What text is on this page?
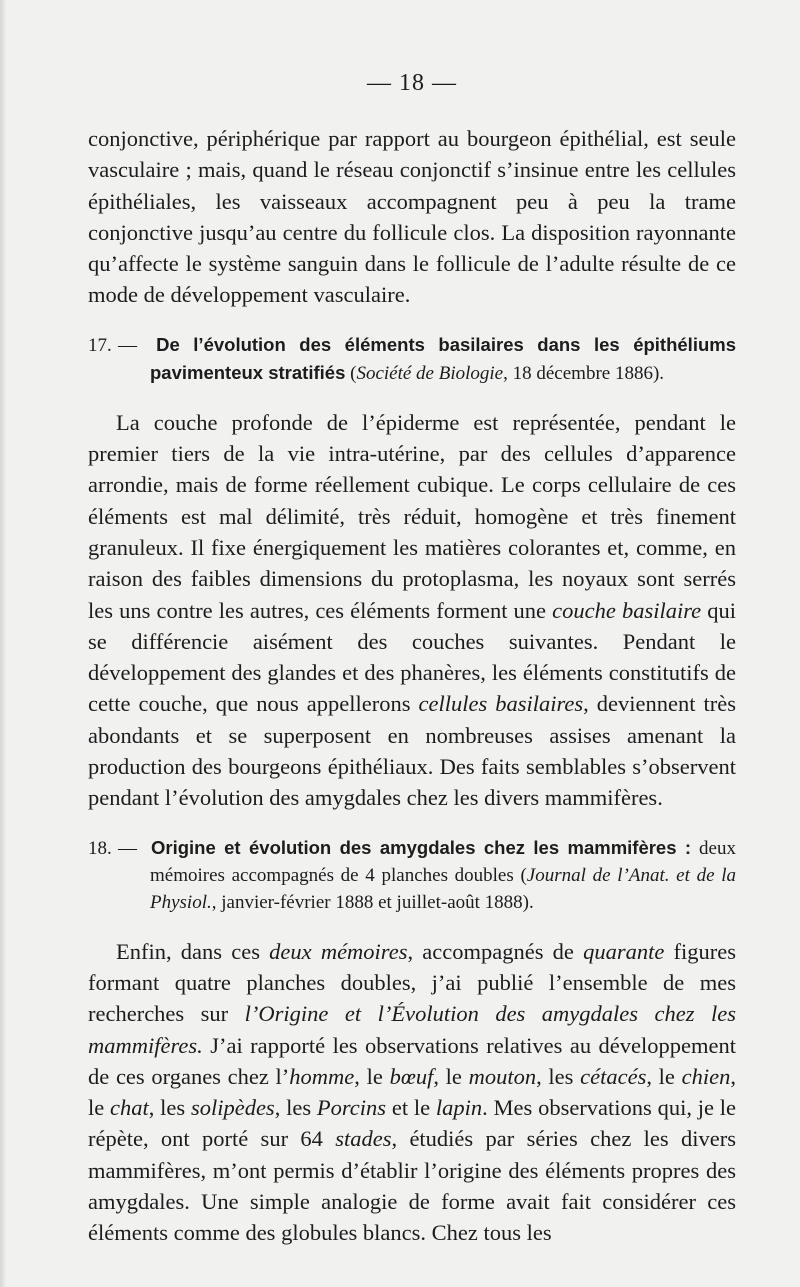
— 18 —

conjonctive, périphérique par rapport au bourgeon épithélial, est seule vasculaire ; mais, quand le réseau conjonctif s’insinue entre les cellules épithéliales, les vaisseaux accompagnent peu à peu la trame conjonctive jusqu’au centre du follicule clos. La disposition rayonnante qu’affecte le système sanguin dans le follicule de l’adulte résulte de ce mode de développement vasculaire.

17. — De l’évolution des éléments basilaires dans les épithéliums pavimenteux stratifiés (Société de Biologie, 18 décembre 1886).

La couche profonde de l’épiderme est représentée, pendant le premier tiers de la vie intra-utérine, par des cellules d’apparence arrondie, mais de forme réellement cubique. Le corps cellulaire de ces éléments est mal délimité, très réduit, homogène et très finement granuleux. Il fixe énergiquement les matières colorantes et, comme, en raison des faibles dimensions du protoplasma, les noyaux sont serrés les uns contre les autres, ces éléments forment une couche basilaire qui se différencie aisément des couches suivantes. Pendant le développement des glandes et des phanères, les éléments constitutifs de cette couche, que nous appellerons cellules basilaires, deviennent très abondants et se superposent en nombreuses assises amenant la production des bourgeons épithéliaux. Des faits semblables s’observent pendant l’évolution des amygdales chez les divers mammifères.

18. — Origine et évolution des amygdales chez les mammifères : deux mémoires accompagnés de 4 planches doubles (Journal de l’Anat. et de la Physiol., janvier-février 1888 et juillet-août 1888).

Enfin, dans ces deux mémoires, accompagnés de quarante figures formant quatre planches doubles, j’ai publié l’ensemble de mes recherches sur l’Origine et l’Évolution des amygdales chez les mammifères. J’ai rapporté les observations relatives au développement de ces organes chez l’homme, le bœuf, le mouton, les cétacés, le chien, le chat, les solipèdes, les Porcins et le lapin. Mes observations qui, je le répète, ont porté sur 64 stades, étudiés par séries chez les divers mammifères, m’ont permis d’établir l’origine des éléments propres des amygdales. Une simple analogie de forme avait fait considérer ces éléments comme des globules blancs. Chez tous les
